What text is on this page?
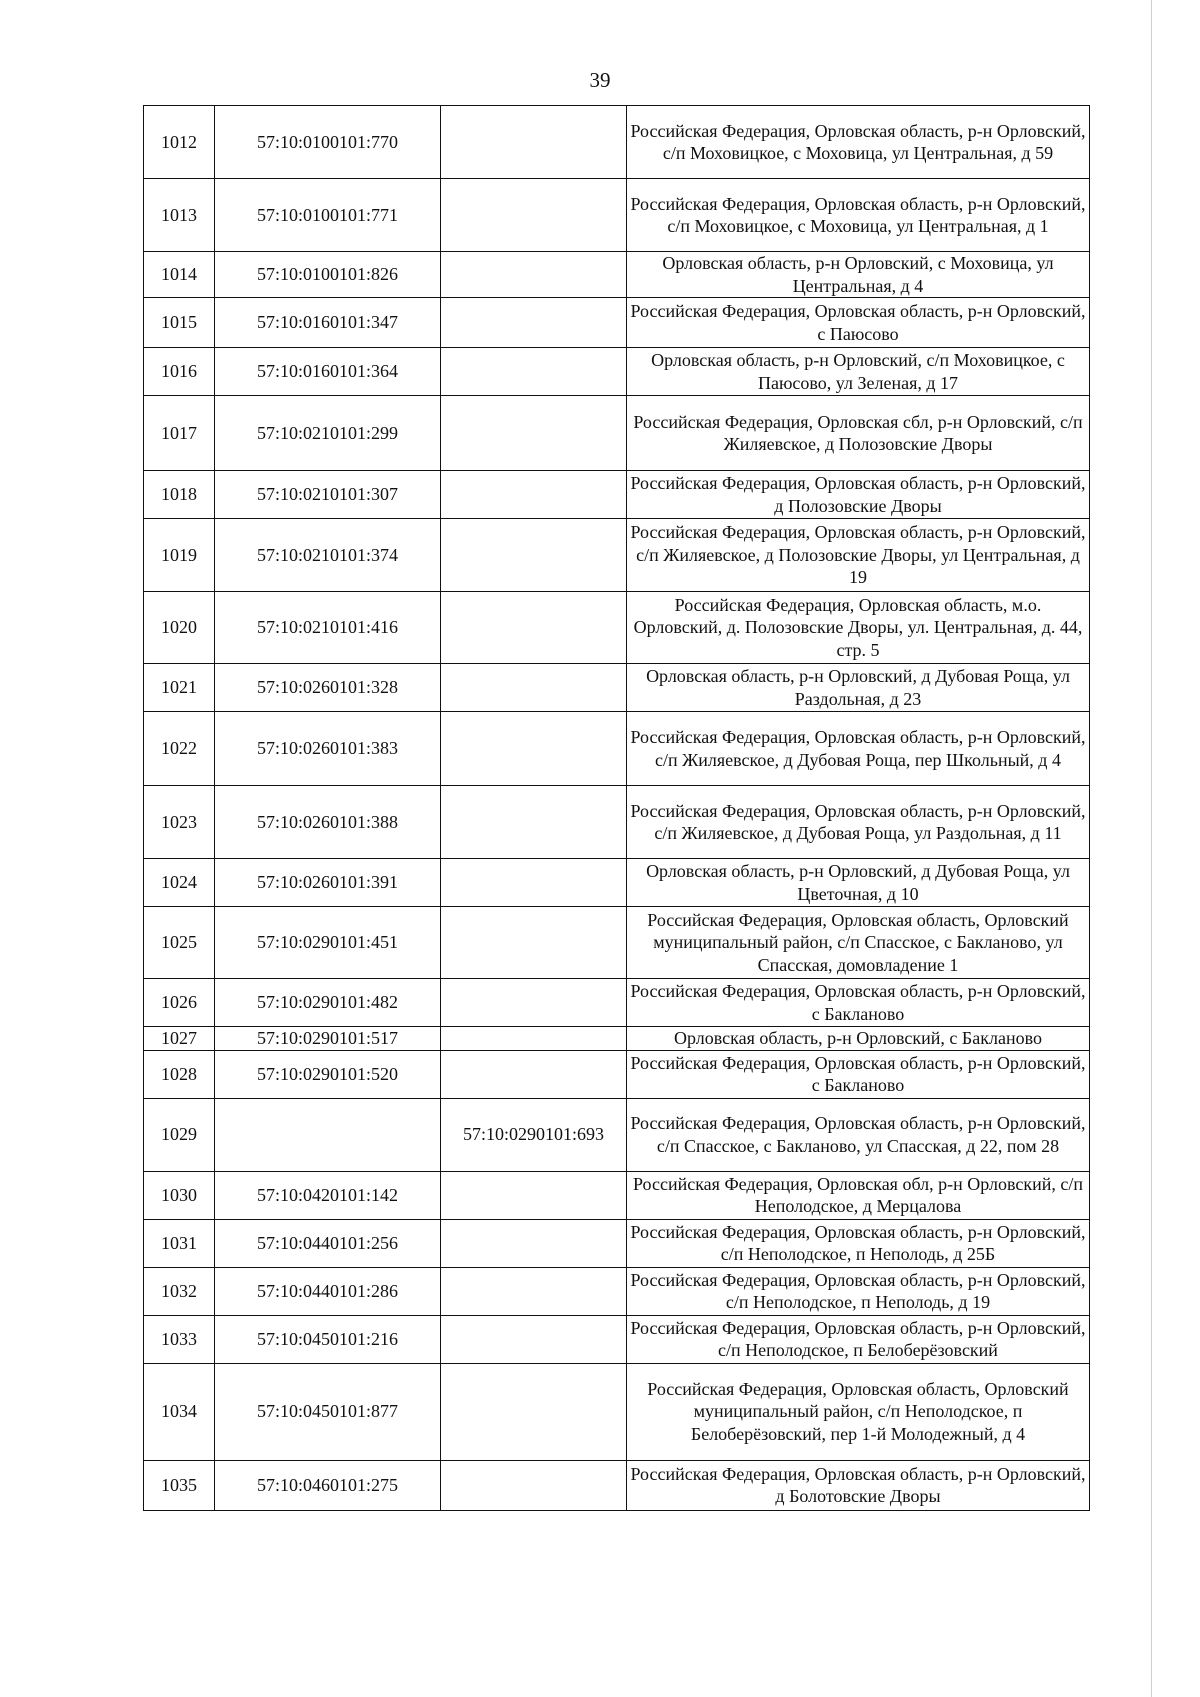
39
1012	57:10:0100101:770		Российская Федерация, Орловская область, р-н Орловский, с/п Моховицкое, с Моховица, ул Центральная, д 59
1013	57:10:0100101:771		Российская Федерация, Орловская область, р-н Орловский, с/п Моховицкое, с Моховица, ул Центральная, д 1
1014	57:10:0100101:826		Орловская область, р-н Орловский, с Моховица, ул Центральная, д 4
1015	57:10:0160101:347		Российская Федерация, Орловская область, р-н Орловский, с Паюсово
1016	57:10:0160101:364		Орловская область, р-н Орловский, с/п Моховицкое, с Паюсово, ул Зеленая, д 17
1017	57:10:0210101:299		Российская Федерация, Орловская сбл, р-н Орловский, с/п Жиляевское, д Полозовские Дворы
1018	57:10:0210101:307		Российская Федерация, Орловская область, р-н Орловский, д Полозовские Дворы
1019	57:10:0210101:374		Российская Федерация, Орловская область, р-н Орловский, с/п Жиляевское, д Полозовские Дворы, ул Центральная, д 19
1020	57:10:0210101:416		Российская Федерация, Орловская область, м.о. Орловский, д. Полозовские Дворы, ул. Центральная, д. 44, стр. 5
1021	57:10:0260101:328		Орловская область, р-н Орловский, д Дубовая Роща, ул Раздольная, д 23
1022	57:10:0260101:383		Российская Федерация, Орловская область, р-н Орловский, с/п Жиляевское, д Дубовая Роща, пер Школьный, д 4
1023	57:10:0260101:388		Российская Федерация, Орловская область, р-н Орловский, с/п Жиляевское, д Дубовая Роща, ул Раздольная, д 11
1024	57:10:0260101:391		Орловская область, р-н Орловский, д Дубовая Роща, ул Цветочная, д 10
1025	57:10:0290101:451		Российская Федерация, Орловская область, Орловский муниципальный район, с/п Спасское, с Бакланово, ул Спасская, домовладение 1
1026	57:10:0290101:482		Российская Федерация, Орловская область, р-н Орловский, с Бакланово
1027	57:10:0290101:517		Орловская область, р-н Орловский, с Бакланово
1028	57:10:0290101:520		Российская Федерация, Орловская область, р-н Орловский, с Бакланово
1029		57:10:0290101:693	Российская Федерация, Орловская область, р-н Орловский, с/п Спасское, с Бакланово, ул Спасская, д 22, пом 28
1030	57:10:0420101:142		Российская Федерация, Орловская обл, р-н Орловский, с/п Неполодское, д Мерцалова
1031	57:10:0440101:256		Российская Федерация, Орловская область, р-н Орловский, с/п Неполодское, п Неполодь, д 25Б
1032	57:10:0440101:286		Российская Федерация, Орловская область, р-н Орловский, с/п Неполодское, п Неполодь, д 19
1033	57:10:0450101:216		Российская Федерация, Орловская область, р-н Орловский, с/п Неполодское, п Белоберёзовский
1034	57:10:0450101:877		Российская Федерация, Орловская область, Орловский муниципальный район, с/п Неполодское, п Белоберёзовский, пер 1-й Молодежный, д 4
1035	57:10:0460101:275		Российская Федерация, Орловская область, р-н Орловский, д Болотовские Дворы
